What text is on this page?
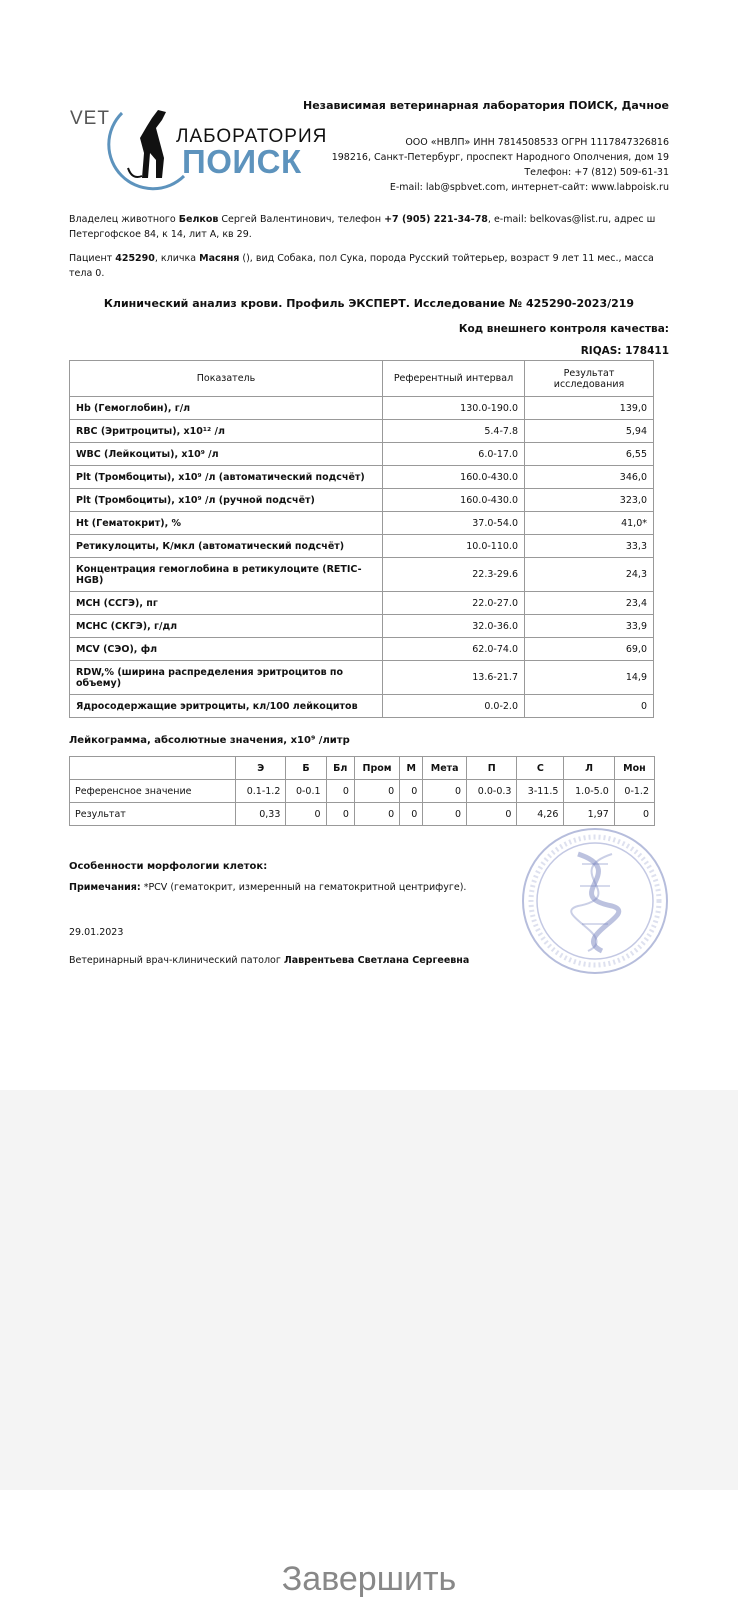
VET
ЛАБОРАТОРИЯ
ПОИСК
Независимая ветеринарная лаборатория ПОИСК, Дачное
ООО «НВЛП» ИНН 7814508533 ОГРН 1117847326816
198216, Санкт-Петербург, проспект Народного Ополчения, дом 19
Телефон: +7 (812) 509-61-31
E-mail: lab@spbvet.com, интернет-сайт: www.labpoisk.ru
Владелец животного Белков Сергей Валентинович, телефон +7 (905) 221-34-78, e-mail: belkovas@list.ru, адрес ш Петергофское 84, к 14, лит А, кв 29.
Пациент 425290, кличка Масяня (), вид Собака, пол Сука, порода Русский тойтерьер, возраст 9 лет 11 мес., масса тела 0.
Клинический анализ крови. Профиль ЭКСПЕРТ. Исследование № 425290-2023/219
Код внешнего контроля качества:
RIQAS: 178411
Показатель	Референтный интервал	Результат исследования
Hb (Гемоглобин), г/л	130.0-190.0	139,0
RBC (Эритроциты), x10¹² /л	5.4-7.8	5,94
WBC (Лейкоциты), x10⁹ /л	6.0-17.0	6,55
Plt (Тромбоциты), x10⁹ /л (автоматический подсчёт)	160.0-430.0	346,0
Plt (Тромбоциты), x10⁹ /л (ручной подсчёт)	160.0-430.0	323,0
Ht (Гематокрит), %	37.0-54.0	41,0*
Ретикулоциты, К/мкл (автоматический подсчёт)	10.0-110.0	33,3
Концентрация гемоглобина в ретикулоците (RETIC-HGB)	22.3-29.6	24,3
MCH (ССГЭ), пг	22.0-27.0	23,4
MCHC (СКГЭ), г/дл	32.0-36.0	33,9
MCV (СЭО), фл	62.0-74.0	69,0
RDW,% (ширина распределения эритроцитов по объему)	13.6-21.7	14,9
Ядросодержащие эритроциты, кл/100 лейкоцитов	0.0-2.0	0
Лейкограмма, абсолютные значения, x10⁹ /литр
	Э	Б	Бл	Пром	М	Мета	П	С	Л	Мон
Референсное значение	0.1-1.2	0-0.1	0	0	0	0	0.0-0.3	3-11.5	1.0-5.0	0-1.2
Результат	0,33	0	0	0	0	0	0	4,26	1,97	0
Особенности морфологии клеток:
Примечания: *PCV (гематокрит, измеренный на гематокритной центрифуге).
29.01.2023
Ветеринарный врач-клинический патолог Лаврентьева Светлана Сергеевна
Завершить
